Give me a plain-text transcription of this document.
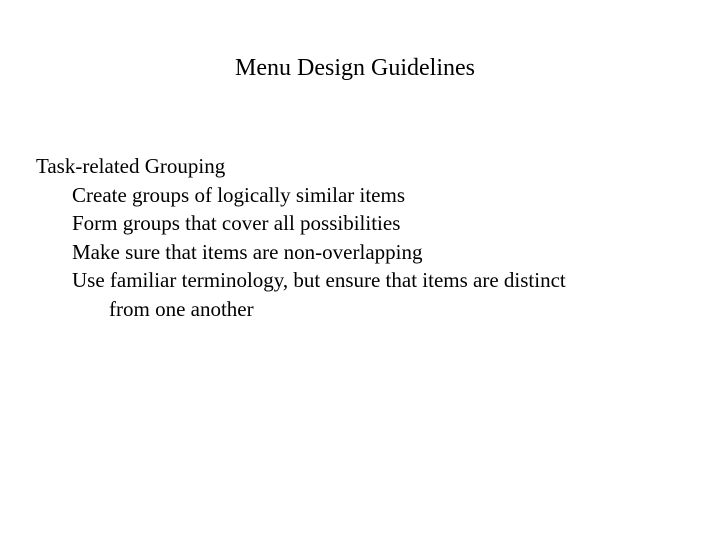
Menu Design Guidelines
Task-related Grouping
Create groups of logically similar items
Form groups that cover all possibilities
Make sure that items are non-overlapping
Use familiar terminology, but ensure that items are distinct
from one another
